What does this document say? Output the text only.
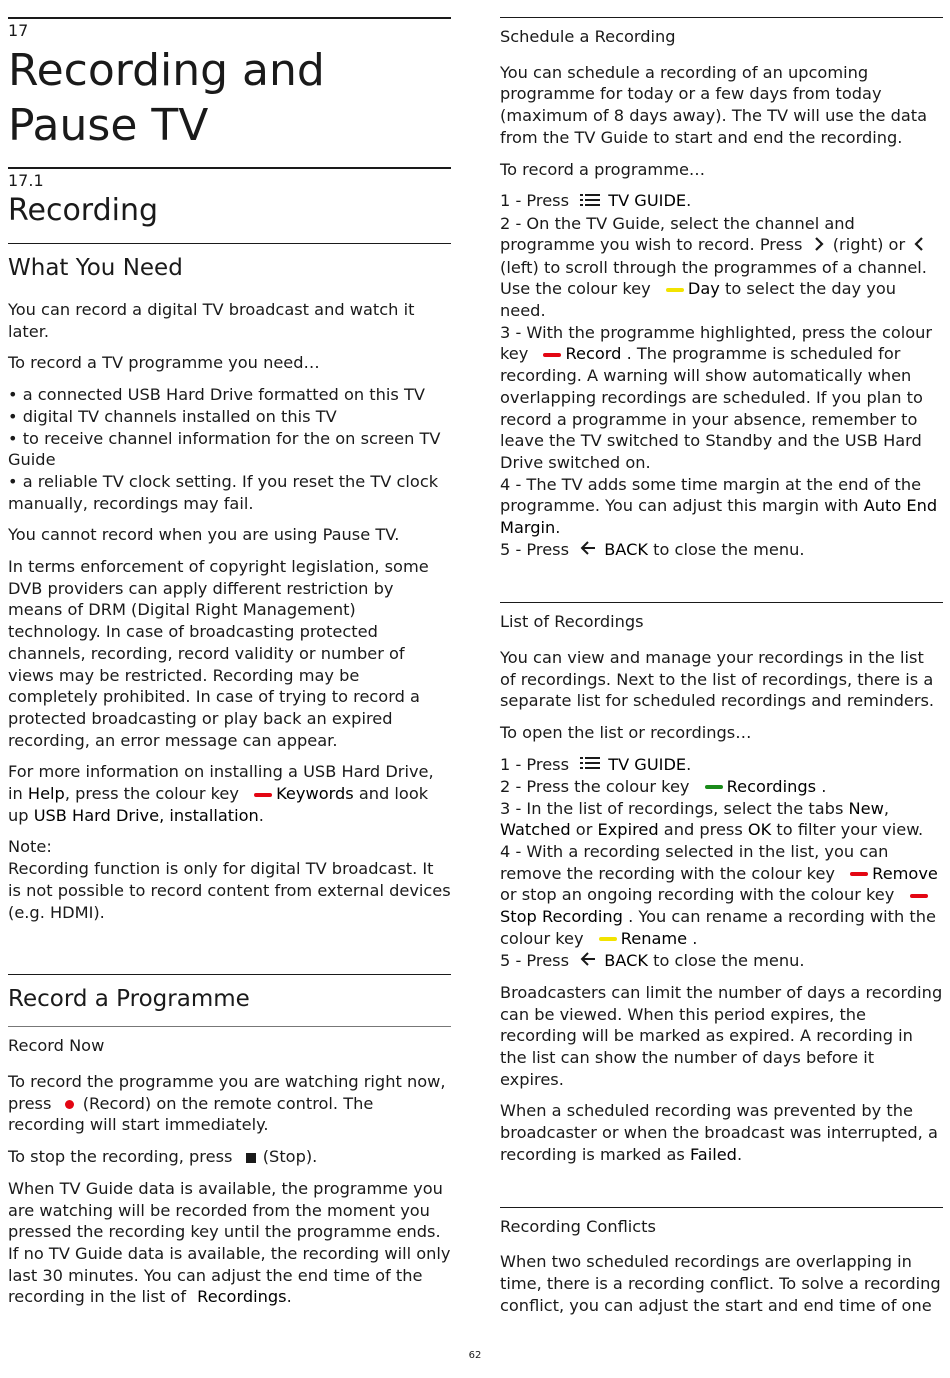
17
Recording and
Pause TV
17.1
Recording
What You Need

You can record a digital TV broadcast and watch it later.

To record a TV programme you need…

• a connected USB Hard Drive formatted on this TV

• digital TV channels installed on this TV

• to receive channel information for the on screen TV Guide

• a reliable TV clock setting. If you reset the TV clock manually, recordings may fail.

You cannot record when you are using Pause TV.

In terms enforcement of copyright legislation, some DVB providers can apply different restriction by means of DRM (Digital Right Management) technology. In case of broadcasting protected channels, recording, record validity or number of views may be restricted. Recording may be completely prohibited. In case of trying to record a protected broadcasting or play back an expired recording, an error message can appear.

For more information on installing a USB Hard Drive, in Help, press the colour key Keywords and look up USB Hard Drive, installation.

Note:

Recording function is only for digital TV broadcast. It is not possible to record content from external devices (e.g. HDMI).

Record a Programme
Record Now

To record the programme you are watching right now, press  (Record) on the remote control. The recording will start immediately.

To stop the recording, press  (Stop).

When TV Guide data is available, the programme you are watching will be recorded from the moment you pressed the recording key until the programme ends. If no TV Guide data is available, the recording will only last 30 minutes. You can adjust the end time of the recording in the list of Recordings.

Schedule a Recording

You can schedule a recording of an upcoming programme for today or a few days from today (maximum of 8 days away). The TV will use the data from the TV Guide to start and end the recording.

To record a programme…

1 - Press TV GUIDE.

2 - On the TV Guide, select the channel and programme you wish to record. Press  (right) or  (left) to scroll through the programmes of a channel. Use the colour key Day to select the day you need.

3 - With the programme highlighted, press the colour key Record . The programme is scheduled for recording. A warning will show automatically when overlapping recordings are scheduled. If you plan to record a programme in your absence, remember to leave the TV switched to Standby and the USB Hard Drive switched on.

4 - The TV adds some time margin at the end of the programme. You can adjust this margin with Auto End Margin.

5 - Press BACK to close the menu.

List of Recordings

You can view and manage your recordings in the list of recordings. Next to the list of recordings, there is a separate list for scheduled recordings and reminders.

To open the list or recordings…

1 - Press TV GUIDE.

2 - Press the colour key Recordings .

3 - In the list of recordings, select the tabs New, Watched or Expired and press OK to filter your view.

4 - With a recording selected in the list, you can remove the recording with the colour key Remove or stop an ongoing recording with the colour key Stop Recording . You can rename a recording with the colour key Rename .

5 - Press BACK to close the menu.

Broadcasters can limit the number of days a recording can be viewed. When this period expires, the recording will be marked as expired. A recording in the list can show the number of days before it expires.

When a scheduled recording was prevented by the broadcaster or when the broadcast was interrupted, a recording is marked as Failed.

Recording Conflicts

When two scheduled recordings are overlapping in time, there is a recording conflict. To solve a recording conflict, you can adjust the start and end time of one

62
